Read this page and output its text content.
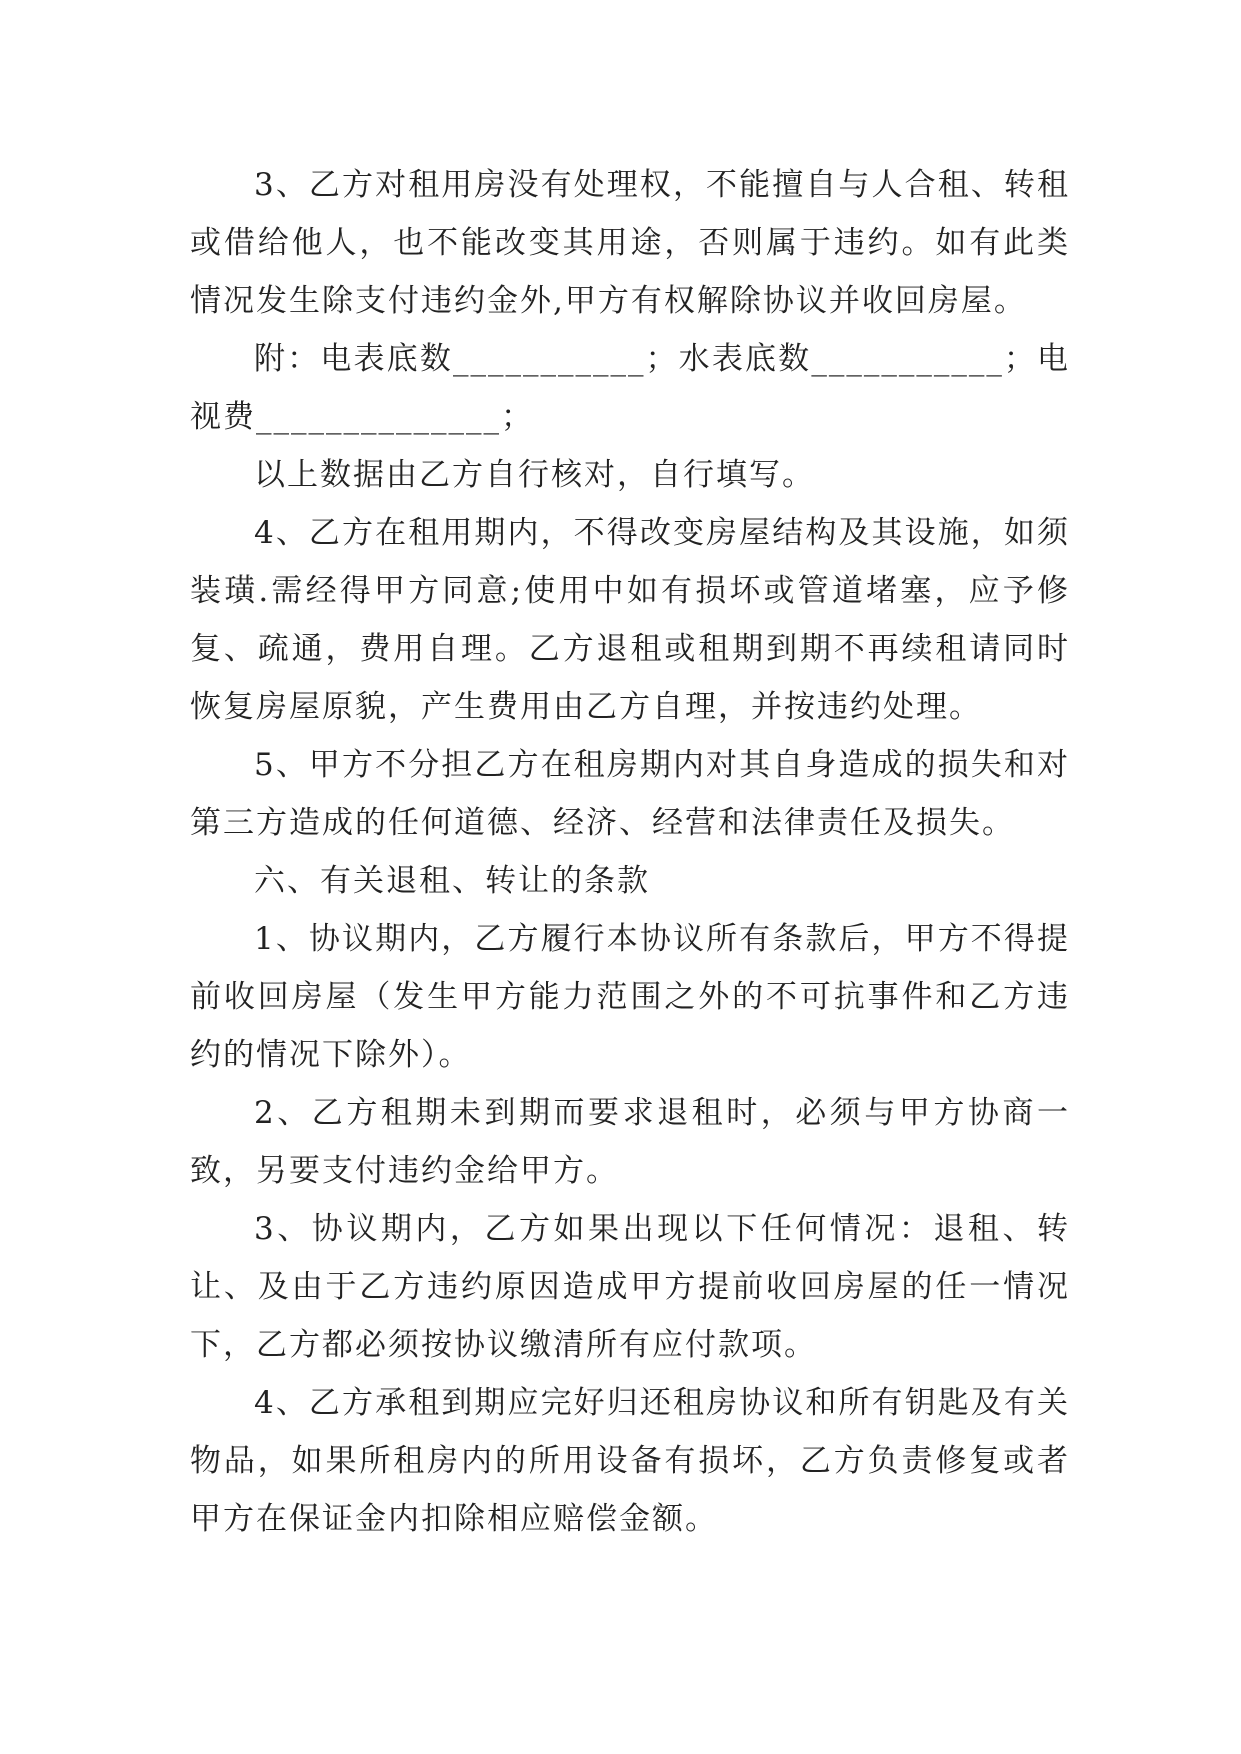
3、乙方对租用房没有处理权，不能擅自与人合租、转租或借给他人，也不能改变其用途，否则属于违约。如有此类情况发生除支付违约金外,甲方有权解除协议并收回房屋。

附：电表底数___________；水表底数___________；电视费______________；

以上数据由乙方自行核对，自行填写。

4、乙方在租用期内，不得改变房屋结构及其设施，如须装璜.需经得甲方同意;使用中如有损坏或管道堵塞，应予修复、疏通，费用自理。乙方退租或租期到期不再续租请同时恢复房屋原貌，产生费用由乙方自理，并按违约处理。

5、甲方不分担乙方在租房期内对其自身造成的损失和对第三方造成的任何道德、经济、经营和法律责任及损失。

六、有关退租、转让的条款

1、协议期内，乙方履行本协议所有条款后，甲方不得提前收回房屋（发生甲方能力范围之外的不可抗事件和乙方违约的情况下除外）。

2、乙方租期未到期而要求退租时，必须与甲方协商一致，另要支付违约金给甲方。

3、协议期内，乙方如果出现以下任何情况：退租、转让、及由于乙方违约原因造成甲方提前收回房屋的任一情况下，乙方都必须按协议缴清所有应付款项。

4、乙方承租到期应完好归还租房协议和所有钥匙及有关物品，如果所租房内的所用设备有损坏，乙方负责修复或者甲方在保证金内扣除相应赔偿金额。
